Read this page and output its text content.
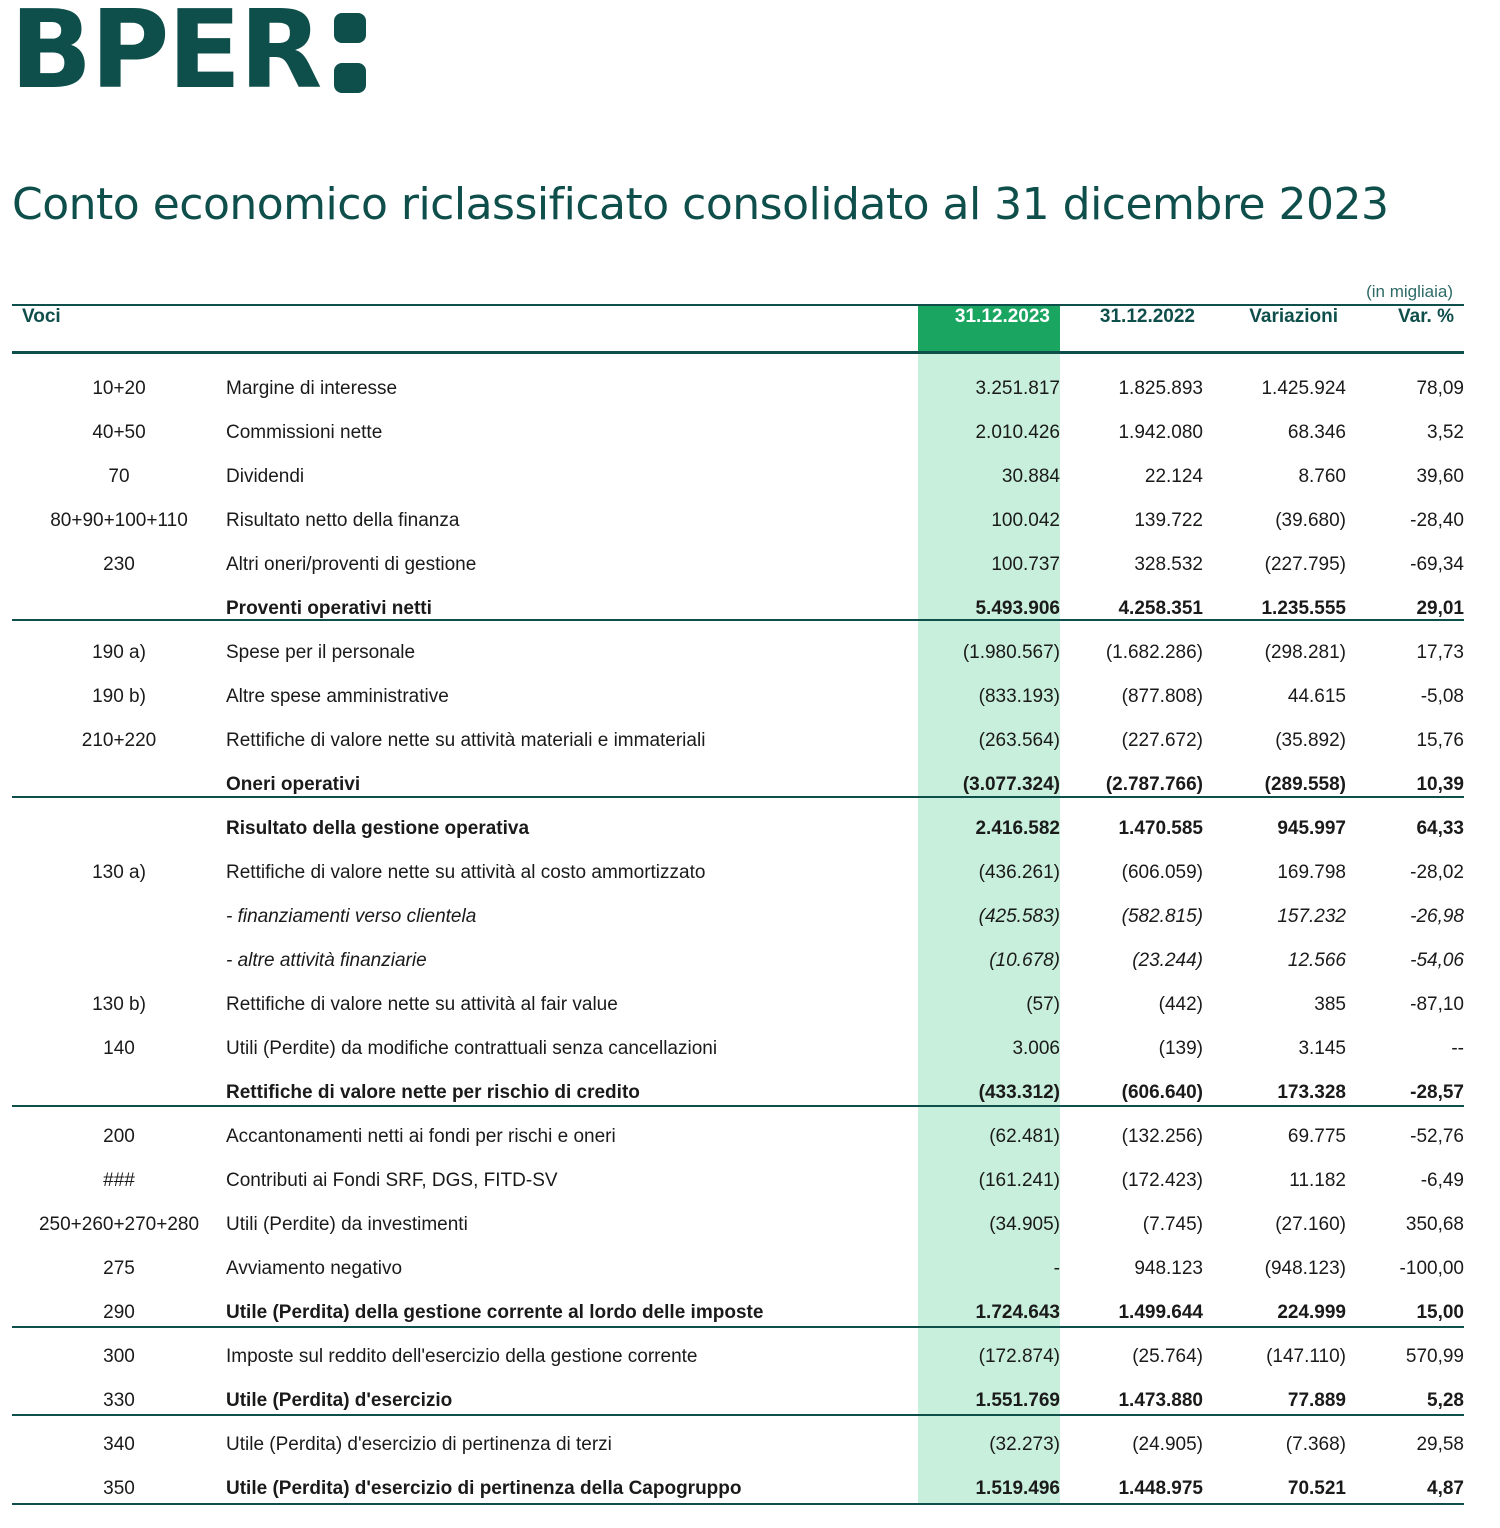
BPER
Conto economico riclassificato consolidato al 31 dicembre 2023
(in migliaia)
Voci		31.12.2023	31.12.2022	Variazioni	Var. %

10+20	Margine di interesse	3.251.817	1.825.893	1.425.924	78,09
40+50	Commissioni nette	2.010.426	1.942.080	68.346	3,52
70	Dividendi	30.884	22.124	8.760	39,60
80+90+100+110	Risultato netto della finanza	100.042	139.722	(39.680)	-28,40
230	Altri oneri/proventi di gestione	100.737	328.532	(227.795)	-69,34
	Proventi operativi netti	5.493.906	4.258.351	1.235.555	29,01
190 a)	Spese per il personale	(1.980.567)	(1.682.286)	(298.281)	17,73
190 b)	Altre spese amministrative	(833.193)	(877.808)	44.615	-5,08
210+220	Rettifiche di valore nette su attività materiali e immateriali	(263.564)	(227.672)	(35.892)	15,76
	Oneri operativi	(3.077.324)	(2.787.766)	(289.558)	10,39
	Risultato della gestione operativa	2.416.582	1.470.585	945.997	64,33
130 a)	Rettifiche di valore nette su attività al costo ammortizzato	(436.261)	(606.059)	169.798	-28,02
	- finanziamenti verso clientela	(425.583)	(582.815)	157.232	-26,98
	- altre attività finanziarie	(10.678)	(23.244)	12.566	-54,06
130 b)	Rettifiche di valore nette su attività al fair value	(57)	(442)	385	-87,10
140	Utili (Perdite) da modifiche contrattuali senza cancellazioni	3.006	(139)	3.145	--
	Rettifiche di valore nette per rischio di credito	(433.312)	(606.640)	173.328	-28,57
200	Accantonamenti netti ai fondi per rischi e oneri	(62.481)	(132.256)	69.775	-52,76
###	Contributi ai Fondi SRF, DGS, FITD-SV	(161.241)	(172.423)	11.182	-6,49
250+260+270+280	Utili (Perdite) da investimenti	(34.905)	(7.745)	(27.160)	350,68
275	Avviamento negativo	-	948.123	(948.123)	-100,00
290	Utile (Perdita) della gestione corrente al lordo delle imposte	1.724.643	1.499.644	224.999	15,00
300	Imposte sul reddito dell'esercizio della gestione corrente	(172.874)	(25.764)	(147.110)	570,99
330	Utile (Perdita) d'esercizio	1.551.769	1.473.880	77.889	5,28
340	Utile (Perdita) d'esercizio di pertinenza di terzi	(32.273)	(24.905)	(7.368)	29,58
350	Utile (Perdita) d'esercizio di pertinenza della Capogruppo	1.519.496	1.448.975	70.521	4,87
